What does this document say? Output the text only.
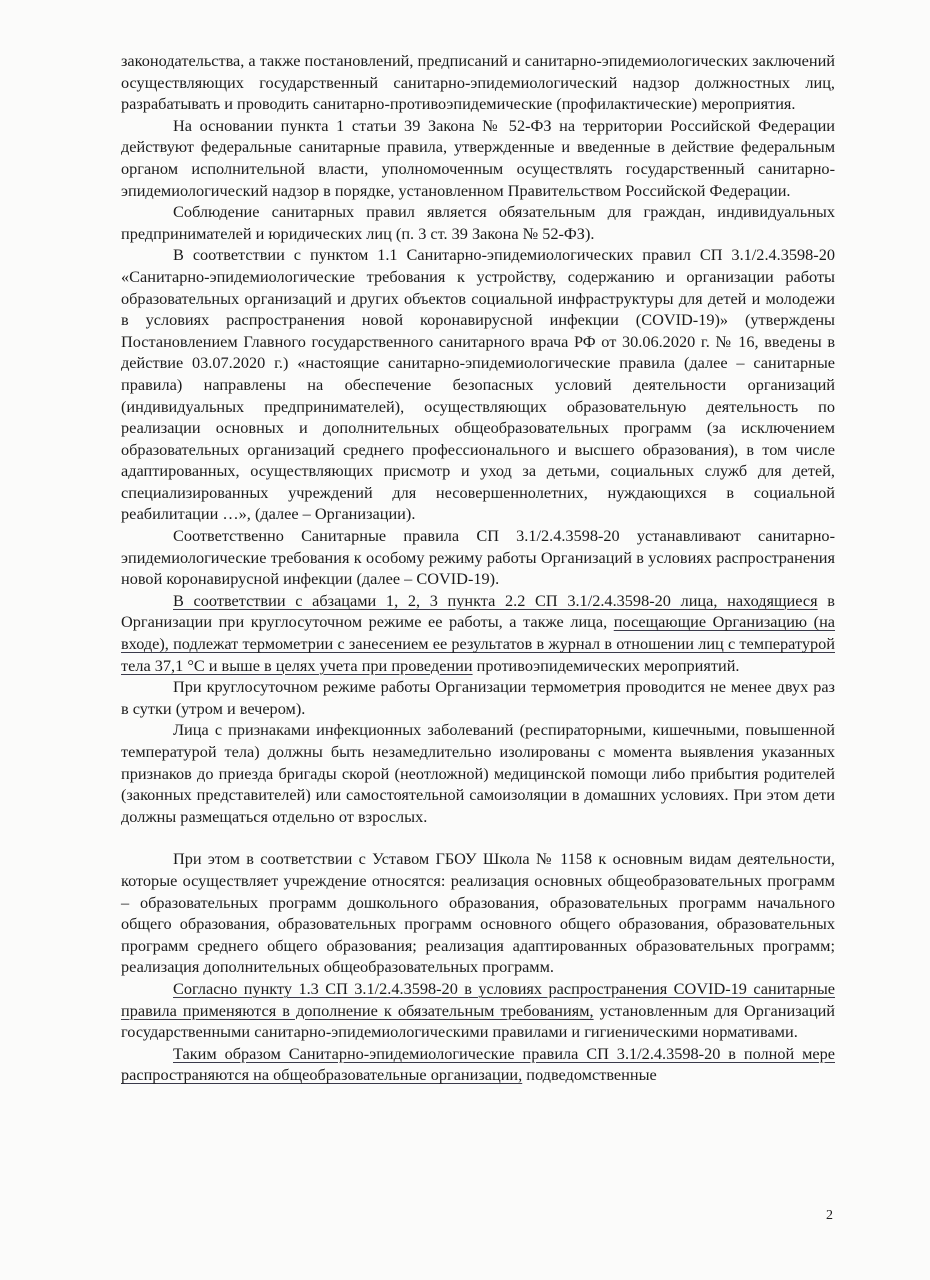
законодательства, а также постановлений, предписаний и санитарно-эпидемиологических заключений осуществляющих государственный санитарно-эпидемиологический надзор должностных лиц, разрабатывать и проводить санитарно-противоэпидемические (профилактические) мероприятия.

На основании пункта 1 статьи 39 Закона № 52-ФЗ на территории Российской Федерации действуют федеральные санитарные правила, утвержденные и введенные в действие федеральным органом исполнительной власти, уполномоченным осуществлять государственный санитарно-эпидемиологический надзор в порядке, установленном Правительством Российской Федерации.

Соблюдение санитарных правил является обязательным для граждан, индивидуальных предпринимателей и юридических лиц (п. 3 ст. 39 Закона № 52-ФЗ).

В соответствии с пунктом 1.1 Санитарно-эпидемиологических правил СП 3.1/2.4.3598-20 «Санитарно-эпидемиологические требования к устройству, содержанию и организации работы образовательных организаций и других объектов социальной инфраструктуры для детей и молодежи в условиях распространения новой коронавирусной инфекции (COVID-19)» (утверждены Постановлением Главного государственного санитарного врача РФ от 30.06.2020 г. № 16, введены в действие 03.07.2020 г.) «настоящие санитарно-эпидемиологические правила (далее – санитарные правила) направлены на обеспечение безопасных условий деятельности организаций (индивидуальных предпринимателей), осуществляющих образовательную деятельность по реализации основных и дополнительных общеобразовательных программ (за исключением образовательных организаций среднего профессионального и высшего образования), в том числе адаптированных, осуществляющих присмотр и уход за детьми, социальных служб для детей, специализированных учреждений для несовершеннолетних, нуждающихся в социальной реабилитации …», (далее – Организации).

Соответственно Санитарные правила СП 3.1/2.4.3598-20 устанавливают санитарно-эпидемиологические требования к особому режиму работы Организаций в условиях распространения новой коронавирусной инфекции (далее – COVID-19).

В соответствии с абзацами 1, 2, 3 пункта 2.2 СП 3.1/2.4.3598-20 лица, находящиеся в Организации при круглосуточном режиме ее работы, а также лица, посещающие Организацию (на входе), подлежат термометрии с занесением ее результатов в журнал в отношении лиц с температурой тела 37,1 °С и выше в целях учета при проведении противоэпидемических мероприятий.

При круглосуточном режиме работы Организации термометрия проводится не менее двух раз в сутки (утром и вечером).

Лица с признаками инфекционных заболеваний (респираторными, кишечными, повышенной температурой тела) должны быть незамедлительно изолированы с момента выявления указанных признаков до приезда бригады скорой (неотложной) медицинской помощи либо прибытия родителей (законных представителей) или самостоятельной самоизоляции в домашних условиях. При этом дети должны размещаться отдельно от взрослых.

При этом в соответствии с Уставом ГБОУ Школа № 1158 к основным видам деятельности, которые осуществляет учреждение относятся: реализация основных общеобразовательных программ – образовательных программ дошкольного образования, образовательных программ начального общего образования, образовательных программ основного общего образования, образовательных программ среднего общего образования; реализация адаптированных образовательных программ; реализация дополнительных общеобразовательных программ.

Согласно пункту 1.3 СП 3.1/2.4.3598-20 в условиях распространения COVID-19 санитарные правила применяются в дополнение к обязательным требованиям, установленным для Организаций государственными санитарно-эпидемиологическими правилами и гигиеническими нормативами.

Таким образом Санитарно-эпидемиологические правила СП 3.1/2.4.3598-20 в полной мере распространяются на общеобразовательные организации, подведомственные

2
